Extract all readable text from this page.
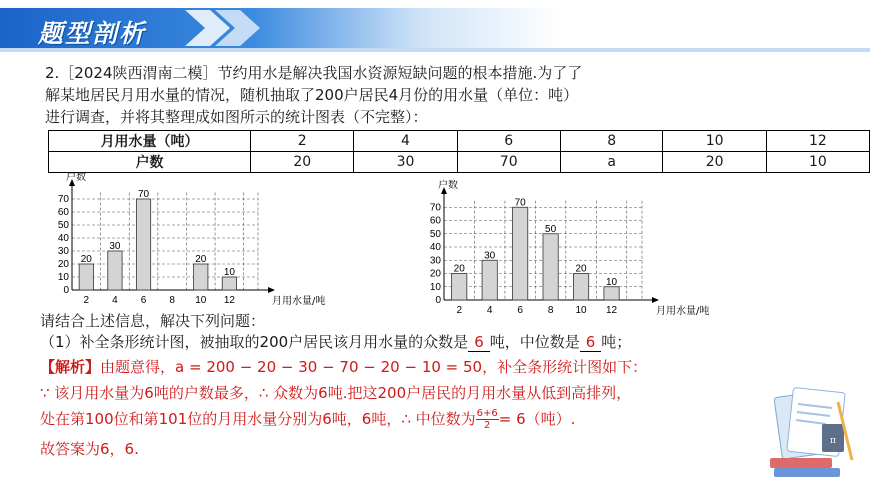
题型剖析
2.［2024陕西渭南二模］节约用水是解决我国水资源短缺问题的根本措施.为了了
解某地居民月用水量的情况，随机抽取了200户居民4月份的用水量（单位：吨）
进行调查，并将其整理成如图所示的统计图表（不完整）：
月用水量（吨）	2	4	6	8	10	12
户数	20	30	70	a	20	10
0
10
20
30
40
50
60
70
户数
月用水量/吨
2
20
4
30
6
70
8 10
20
12
10
0
10
20
30
40
50
60
70
户数
月用水量/吨
2
20
4
30
6
70
8
50
10
20
12
10
请结合上述信息，解决下列问题：
（1）补全条形统计图，被抽取的200户居民该月用水量的众数是 6 吨，中位数是 6 吨；
【解析】由题意得，a = 200 − 20 − 30 − 70 − 20 − 10 = 50，补全条形统计图如下：
∵ 该月用水量为6吨的户数最多，∴ 众数为6吨.把这200户居民的月用水量从低到高排列，
处在第100位和第101位的月用水量分别为6吨，6吨，∴ 中位数为 $\frac{6+6}{2} = 6$（吨）.
故答案为6，6.	π
